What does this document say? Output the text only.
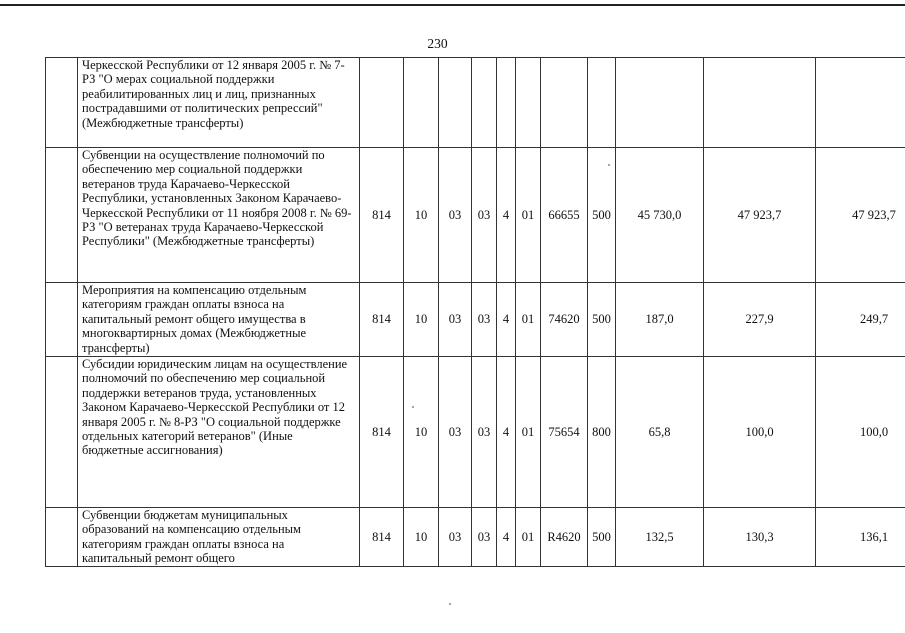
230
	Черкесской Республики от 12 января 2005 г. № 7-РЗ "О мерах социальной поддержки реабилитированных лиц и лиц, признанных пострадавшими от политических репрессий" (Межбюджетные трансферты)											
	Субвенции на осуществление полномочий по обеспечению мер социальной поддержки ветеранов труда Карачаево-Черкесской Республики, установленных Законом Карачаево-Черкесской Республики от 11 ноября 2008 г. № 69-РЗ "О ветеранах труда Карачаево-Черкесской Республики" (Межбюджетные трансферты)	814	10	03	03	4	01	66655	500	45 730,0	47 923,7	47 923,7
	Мероприятия на компенсацию отдельным категориям граждан оплаты взноса на капитальный ремонт общего имущества в многоквартирных домах (Межбюджетные трансферты)	814	10	03	03	4	01	74620	500	187,0	227,9	249,7
	Субсидии юридическим лицам на осуществление полномочий по обеспечению мер социальной поддержки ветеранов труда, установленных Законом Карачаево-Черкесской Республики от 12 января 2005 г. № 8-РЗ "О социальной поддержке отдельных категорий ветеранов" (Иные бюджетные ассигнования)	814	10	03	03	4	01	75654	800	65,8	100,0	100,0
	Субвенции бюджетам муниципальных образований на компенсацию отдельным категориям граждан оплаты взноса на капитальный ремонт общего	814	10	03	03	4	01	R4620	500	132,5	130,3	136,1
